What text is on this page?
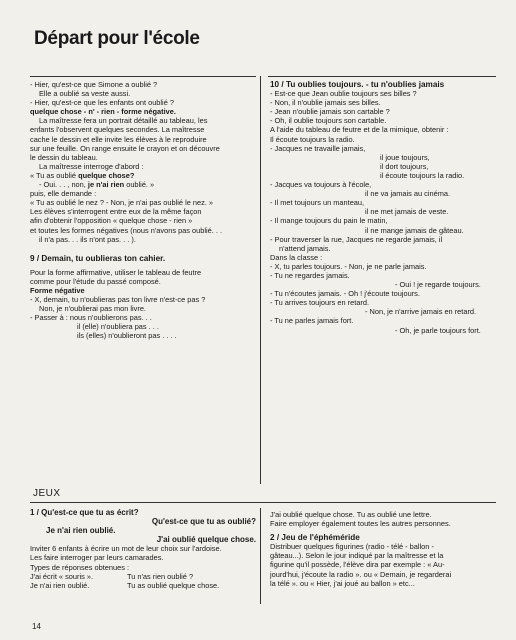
Départ pour l'école

- Hier, qu'est-ce que Simone a oublié ?

Elle a oublié sa veste aussi.

- Hier, qu'est-ce que les enfants ont oublié ?

quelque chose - n' - rien - forme négative.

La maîtresse fera un portrait détaillé au tableau, les

enfants l'observent quelques secondes. La maîtresse

cache le dessin et elle invite les élèves à le reproduire

sur une feuille. On range ensuite le crayon et on découvre

le dessin du tableau.

La maîtresse interroge d'abord :

« Tu as oublié quelque chose?

- Oui. . . , non, je n'ai rien oublié. »

puis, elle demande :

« Tu as oublié le nez ? - Non, je n'ai pas oublié le nez. »

Les élèves s'interrogent entre eux de la même façon

afin d'obtenir l'opposition « quelque chose - rien »

et toutes les formes négatives (nous n'avons pas oublié. . .

il n'a pas. . . ils n'ont pas. . . ).

9 / Demain, tu oublieras ton cahier.

Pour la forme affirmative, utiliser le tableau de feutre

comme pour l'étude du passé composé.

Forme négative

- X, demain, tu n'oublieras pas ton livre n'est-ce pas ?

Non, je n'oublierai pas mon livre.

- Passer à : nous n'oublierons pas. . .

il (elle) n'oubliera pas . . .

ils (elles) n'oublieront pas . . . .

10 / Tu oublies toujours. - tu n'oublies jamais

- Est-ce que Jean oublie toujours ses billes ?

- Non, il n'oublie jamais ses billes.

- Jean n'oublie jamais son cartable ?

- Oh, il oublie toujours son cartable.

A l'aide du tableau de feutre et de la mimique, obtenir :

Il écoute toujours la radio.

- Jacques ne travaille jamais,

il joue toujours,

il dort toujours,

il écoute toujours la radio.

- Jacques va toujours à l'école,

il ne va jamais au cinéma.

- Il met toujours un manteau,

il ne met jamais de veste.

- Il mange toujours du pain le matin,

il ne mange jamais de gâteau.

- Pour traverser la rue, Jacques ne regarde jamais, il

n'attend jamais.

Dans la classe :

- X, tu parles toujours. - Non, je ne parle jamais.

- Tu ne regardes jamais.

- Oui ! je regarde toujours.

- Tu n'écoutes jamais. - Oh ! j'écoute toujours.

- Tu arrives toujours en retard.

- Non, je n'arrive jamais en retard.

- Tu ne parles jamais fort.

- Oh, je parle toujours fort.

JEUX

1 / Qu'est-ce que tu as écrit?

Qu'est-ce que tu as oublié?

Je n'ai rien oublié.

J'ai oublié quelque chose.

Inviter 6 enfants à écrire un mot de leur choix sur l'ardoise.

Les faire interroger par leurs camarades.

Types de réponses obtenues :

J'ai écrit « souris ».	Tu n'as rien oublié ?

Je n'ai rien oublié.	Tu as oublié quelque chose.

J'ai oublié quelque chose. Tu as oublié une lettre.

Faire employer également toutes les autres personnes.

2 / Jeu de l'éphéméride

Distribuer quelques figurines (radio - télé - ballon -

gâteau...). Selon le jour indiqué par la maîtresse et la

figurine qu'il possède, l'élève dira par exemple : « Au-

jourd'hui, j'écoute la radio ». ou « Demain, je regarderai

la télé ». ou « Hier, j'ai joué au ballon » etc...

14
